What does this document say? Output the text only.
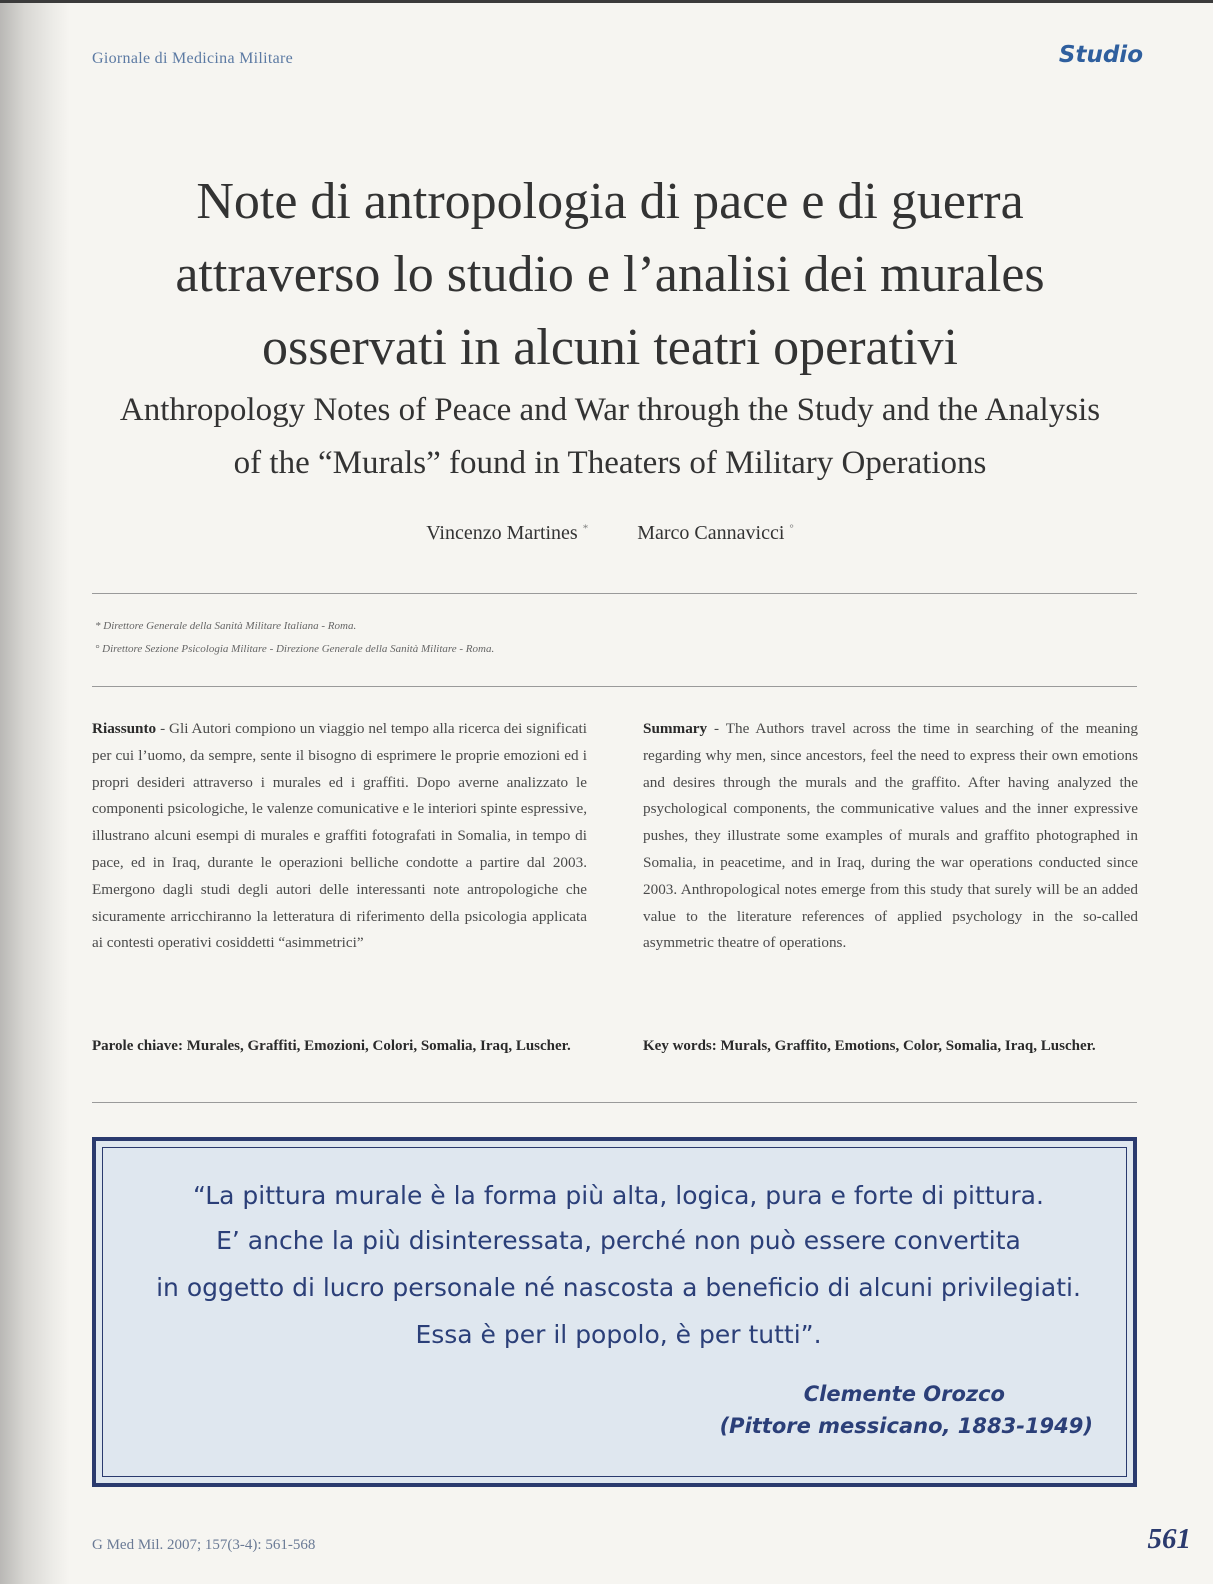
Giornale di Medicina Militare	Studio
Note di antropologia di pace e di guerra
attraverso lo studio e l’analisi dei murales
osservati in alcuni teatri operativi
Anthropology Notes of Peace and War through the Study and the Analysis
of the “Murals” found in Theaters of Military Operations
Vincenzo Martines * Marco Cannavicci °
* Direttore Generale della Sanità Militare Italiana - Roma.
° Direttore Sezione Psicologia Militare - Direzione Generale della Sanità Militare - Roma.
Riassunto - Gli Autori compiono un viaggio nel tempo alla ricerca dei significati per cui l’uomo, da sempre, sente il bisogno di esprimere le proprie emozioni ed i propri desideri attraverso i murales ed i graffiti. Dopo averne analizzato le componenti psicologiche, le valenze comunicative e le interiori spinte espressive, illustrano alcuni esempi di murales e graffiti fotografati in Somalia, in tempo di pace, ed in Iraq, durante le operazioni belliche condotte a partire dal 2003. Emergono dagli studi degli autori delle interessanti note antropologiche che sicuramente arricchiranno la letteratura di riferimento della psicologia applicata ai contesti operativi cosiddetti “asimmetrici”
Summary - The Authors travel across the time in searching of the meaning regarding why men, since ancestors, feel the need to express their own emotions and desires through the murals and the graffito. After having analyzed the psychological components, the communicative values and the inner expressive pushes, they illustrate some examples of murals and graffito photographed in Somalia, in peacetime, and in Iraq, during the war operations conducted since 2003. Anthropological notes emerge from this study that surely will be an added value to the literature references of applied psychology in the so-called asymmetric theatre of operations.
Parole chiave: Murales, Graffiti, Emozioni, Colori, Somalia, Iraq, Luscher.	Key words: Murals, Graffito, Emotions, Color, Somalia, Iraq, Luscher.
“La pittura murale è la forma più alta, logica, pura e forte di pittura.
E’ anche la più disinteressata, perché non può essere convertita
in oggetto di lucro personale né nascosta a beneficio di alcuni privilegiati.
Essa è per il popolo, è per tutti”.
Clemente Orozco
(Pittore messicano, 1883-1949)
G Med Mil. 2007; 157(3-4): 561-568	561
